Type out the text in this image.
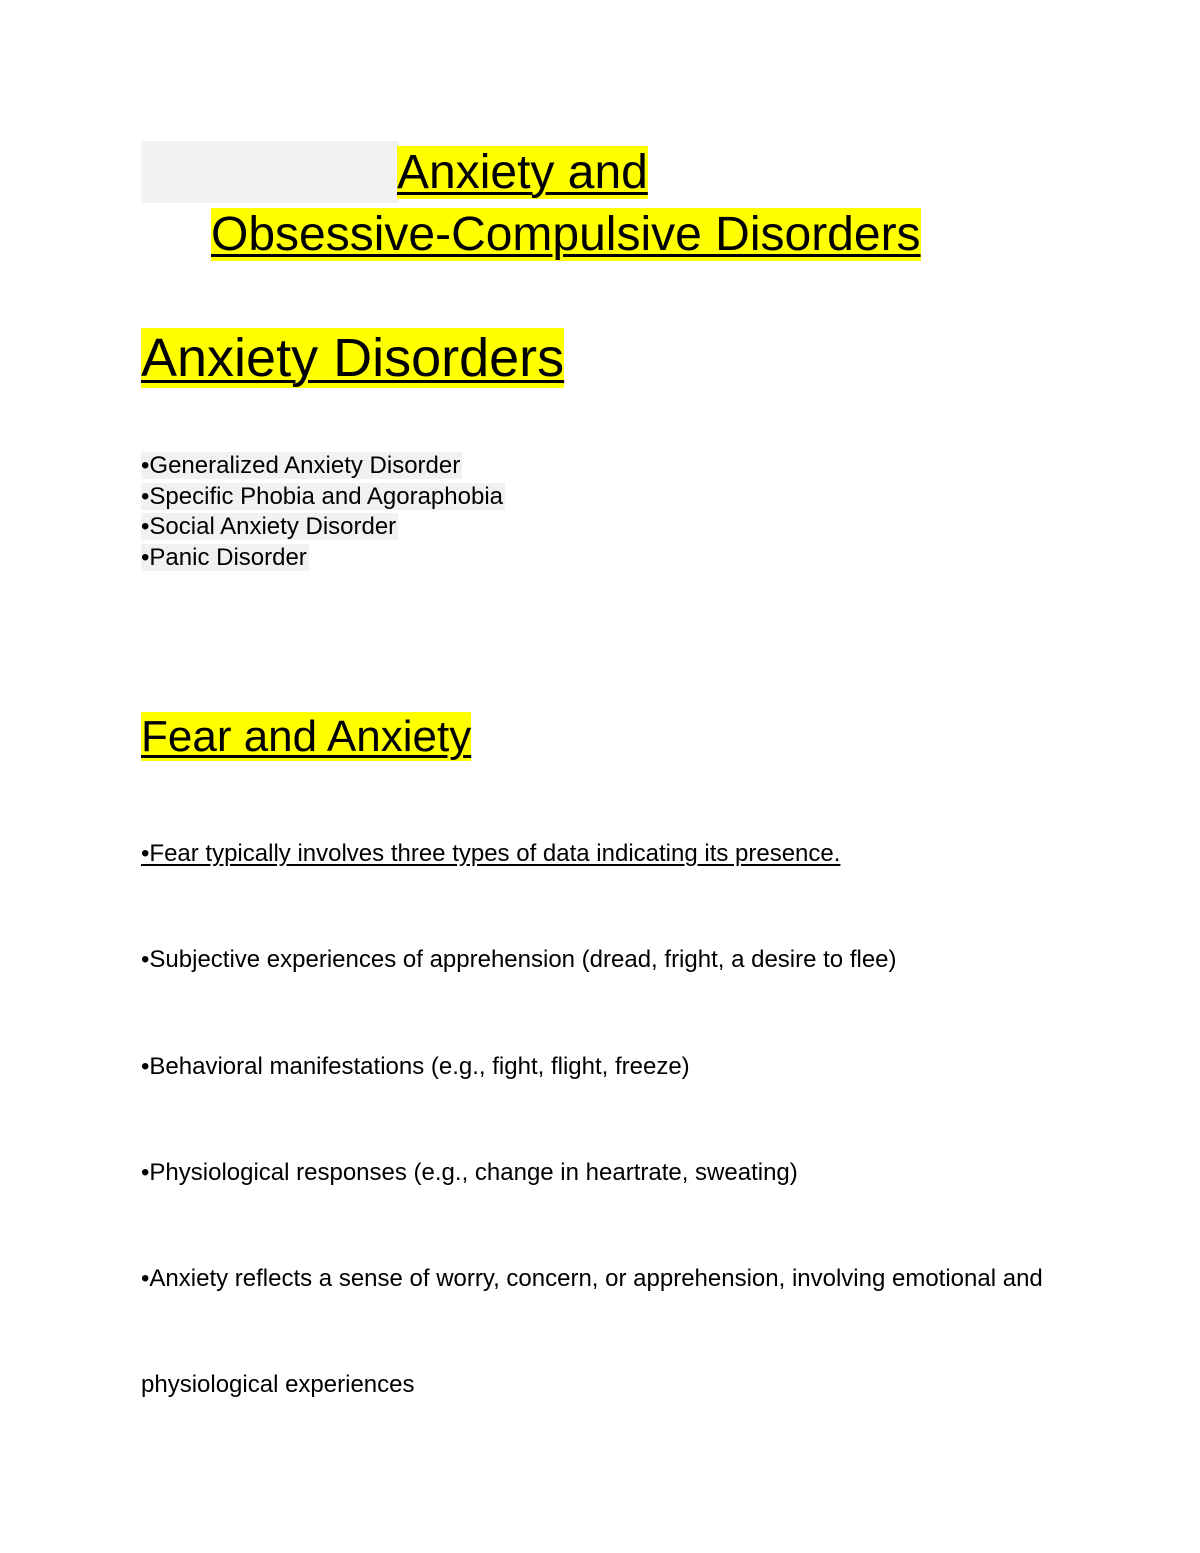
Anxiety and
Obsessive-Compulsive Disorders
Anxiety Disorders
•Generalized Anxiety Disorder
•Specific Phobia and Agoraphobia
•Social Anxiety Disorder
•Panic Disorder
Fear and Anxiety
•Fear typically involves three types of data indicating its presence.
•Subjective experiences of apprehension (dread, fright, a desire to flee)
•Behavioral manifestations (e.g., fight, flight, freeze)
•Physiological responses (e.g., change in heartrate, sweating)
•Anxiety reflects a sense of worry, concern, or apprehension, involving emotional and
physiological experiences
